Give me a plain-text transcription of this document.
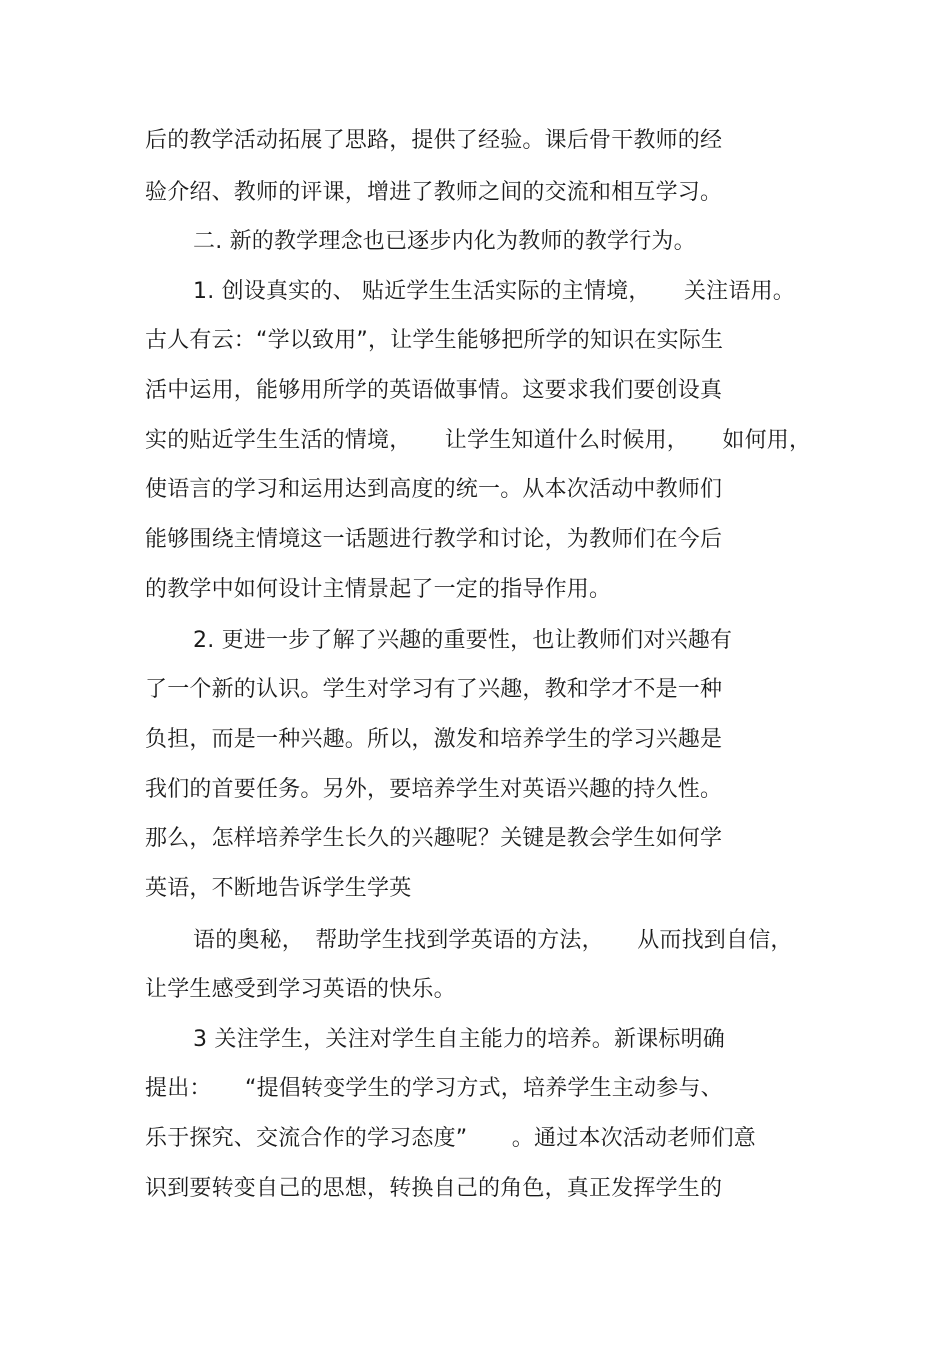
后的教学活动拓展了思路，提供了经验。课后骨干教师的经
验介绍、教师的评课，增进了教师之间的交流和相互学习。
二. 新的教学理念也已逐步内化为教师的教学行为。
1. 创设真实的、 贴近学生生活实际的主情境，　　关注语用。
古人有云：“学以致用”，让学生能够把所学的知识在实际生
活中运用，能够用所学的英语做事情。这要求我们要创设真
实的贴近学生生活的情境，　　让学生知道什么时候用，　　如何用，
使语言的学习和运用达到高度的统一。从本次活动中教师们
能够围绕主情境这一话题进行教学和讨论，为教师们在今后
的教学中如何设计主情景起了一定的指导作用。
2. 更进一步了解了兴趣的重要性，也让教师们对兴趣有
了一个新的认识。学生对学习有了兴趣，教和学才不是一种
负担，而是一种兴趣。所以，激发和培养学生的学习兴趣是
我们的首要任务。另外，要培养学生对英语兴趣的持久性。
那么，怎样培养学生长久的兴趣呢？关键是教会学生如何学
英语，不断地告诉学生学英
语的奥秘，　帮助学生找到学英语的方法，　　从而找到自信，
让学生感受到学习英语的快乐。
3 关注学生，关注对学生自主能力的培养。新课标明确
提出：　　“提倡转变学生的学习方式，培养学生主动参与、
乐于探究、交流合作的学习态度”　　。通过本次活动老师们意
识到要转变自己的思想，转换自己的角色，真正发挥学生的
